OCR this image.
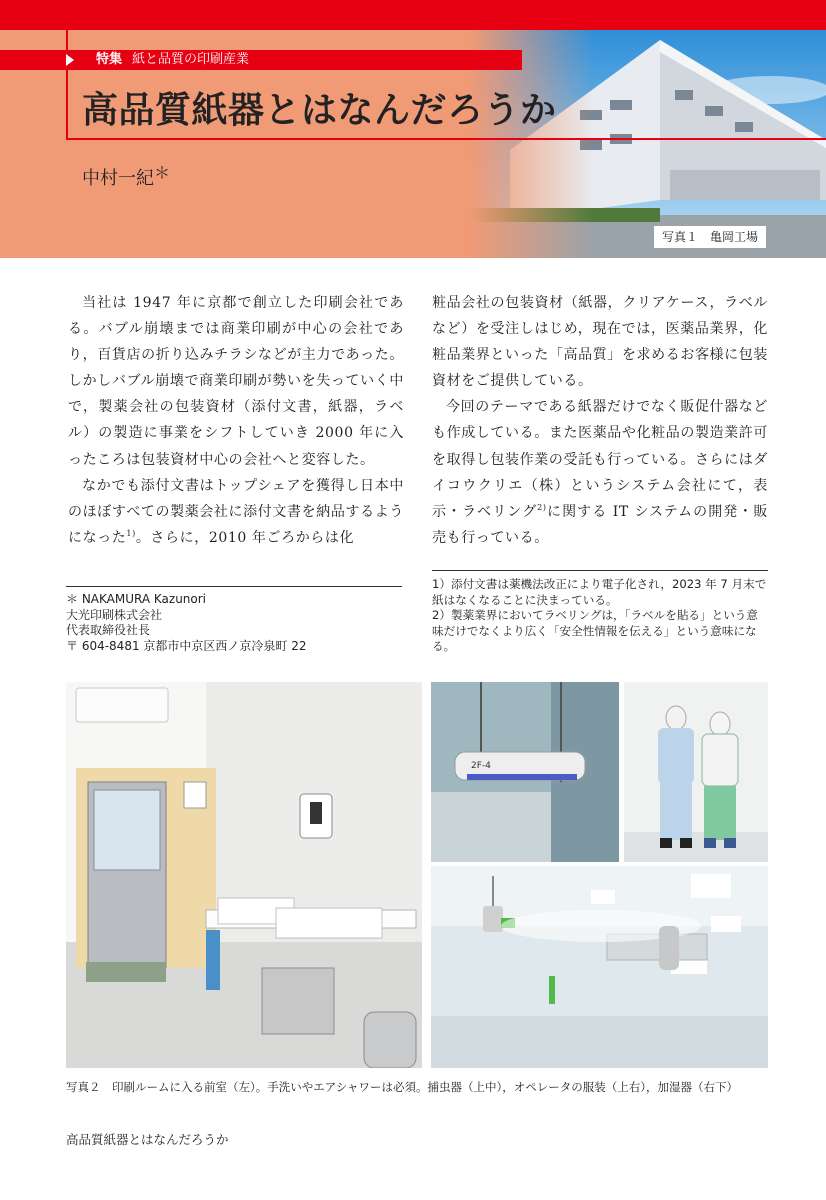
特集 紙と品質の印刷産業
高品質紙器とはなんだろうか
中村一紀＊
写真１　亀岡工場

当社は 1947 年に京都で創立した印刷会社である。バブル崩壊までは商業印刷が中心の会社であり，百貨店の折り込みチラシなどが主力であった。しかしバブル崩壊で商業印刷が勢いを失っていく中で，製薬会社の包装資材（添付文書，紙器，ラベル）の製造に事業をシフトしていき 2000 年に入ったころは包装資材中心の会社へと変容した。

なかでも添付文書はトップシェアを獲得し日本中のほぼすべての製薬会社に添付文書を納品するようになった$^{1)}$。さらに，2010 年ごろからは化

粧品会社の包装資材（紙器，クリアケース，ラベルなど）を受注しはじめ，現在では，医薬品業界，化粧品業界といった「高品質」を求めるお客様に包装資材をご提供している。

今回のテーマである紙器だけでなく販促什器なども作成している。また医薬品や化粧品の製造業許可を取得し包装作業の受託も行っている。さらにはダイコウクリエ（株）というシステム会社にて，表示・ラベリング$^{2)}$に関する IT システムの開発・販売も行っている。

＊ NAKAMURA Kazunori
大光印刷株式会社
代表取締役社長
〒 604-8481 京都市中京区西ノ京冷泉町 22
1）添付文書は薬機法改正により電子化され，2023 年 7 月末で紙はなくなることに決まっている。
2）製薬業界においてラベリングは，「ラベルを貼る」という意味だけでなくより広く「安全性情報を伝える」という意味になる。
2F-4
写真２　印刷ルームに入る前室（左）。手洗いやエアシャワーは必須。捕虫器（上中），オペレータの服装（上右），加湿器（右下）
高品質紙器とはなんだろうか
